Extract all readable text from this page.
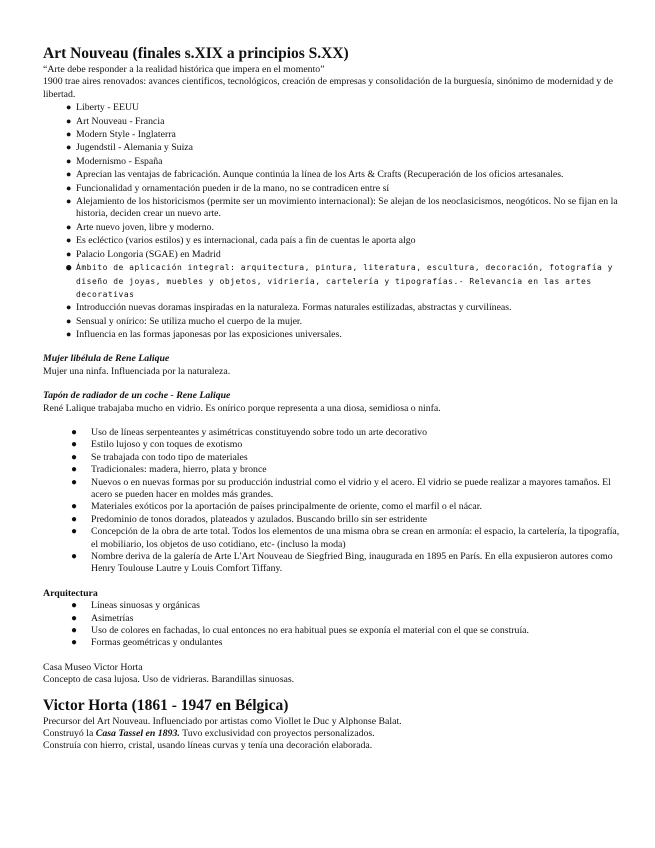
Art Nouveau (finales s.XIX a principios S.XX)

“Arte debe responder a la realidad histórica que impera en el momento”

1900 trae aires renovados: avances científicos, tecnológicos, creación de empresas y consolidación de la burguesía, sinónimo de modernidad y de libertad.

● Liberty - EEUU
● Art Nouveau - Francia
● Modern Style - Inglaterra
● Jugendstil - Alemania y Suiza
● Modernismo - España
● Aprecian las ventajas de fabricación. Aunque continúa la línea de los Arts & Crafts (Recuperación de los oficios artesanales.
● Funcionalidad y ornamentación pueden ir de la mano, no se contradicen entre sí
● Alejamiento de los historicismos (permite ser un movimiento internacional): Se alejan de los neoclasicismos, neogóticos. No se fijan en la historia, deciden crear un nuevo arte.
● Arte nuevo joven, libre y moderno.
● Es ecléctico (varios estilos) y es internacional, cada país a fin de cuentas le aporta algo
● Palacio Longoria (SGAE) en Madrid
● Ámbito de aplicación integral: arquitectura, pintura, literatura, escultura, decoración, fotografía y diseño de joyas, muebles y objetos, vidriería, cartelería y tipografías.- Relevancia en las artes decorativas
● Introducción nuevas doramas inspiradas en la naturaleza. Formas naturales estilizadas, abstractas y curvilíneas.
● Sensual y onírico: Se utiliza mucho el cuerpo de la mujer.
● Influencia en las formas japonesas por las exposiciones universales.

Mujer libélula de Rene Lalique

Mujer una ninfa. Influenciada por la naturaleza.

Tapón de radiador de un coche - Rene Lalique

René Lalique trabajaba mucho en vidrio. Es onírico porque representa a una diosa, semidiosa o ninfa.

● Uso de líneas serpenteantes y asimétricas constituyendo sobre todo un arte decorativo
● Estilo lujoso y con toques de exotismo
● Se trabajada con todo tipo de materiales
● Tradicionales: madera, hierro, plata y bronce
● Nuevos o en nuevas formas por su producción industrial como el vidrio y el acero. El vidrio se puede realizar a mayores tamaños. El acero se pueden hacer en moldes más grandes.
● Materiales exóticos por la aportación de países principalmente de oriente, como el marfil o el nácar.
● Predominio de tonos dorados, plateados y azulados. Buscando brillo sin ser estridente
● Concepción de la obra de arte total. Todos los elementos de una misma obra se crean en armonía: el espacio, la cartelería, la tipografía, el mobiliario, los objetos de uso cotidiano, etc- (incluso la moda)
● Nombre deriva de la galería de Arte L'Art Nouveau de Siegfried Bing, inaugurada en 1895 en París. En ella expusieron autores como Henry Toulouse Lautre y Louis Comfort Tiffany.

Arquitectura

● Líneas sinuosas y orgánicas
● Asimetrías
● Uso de colores en fachadas, lo cual entonces no era habitual pues se exponía el material con el que se construía.
● Formas geométricas y ondulantes

Casa Museo Victor Horta

Concepto de casa lujosa. Uso de vidrieras. Barandillas sinuosas.

Victor Horta (1861 - 1947 en Bélgica)

Precursor del Art Nouveau. Influenciado por artistas como Viollet le Duc y Alphonse Balat.

Construyó la Casa Tassel en 1893. Tuvo exclusividad con proyectos personalizados.

Construía con hierro, cristal, usando líneas curvas y tenía una decoración elaborada.
